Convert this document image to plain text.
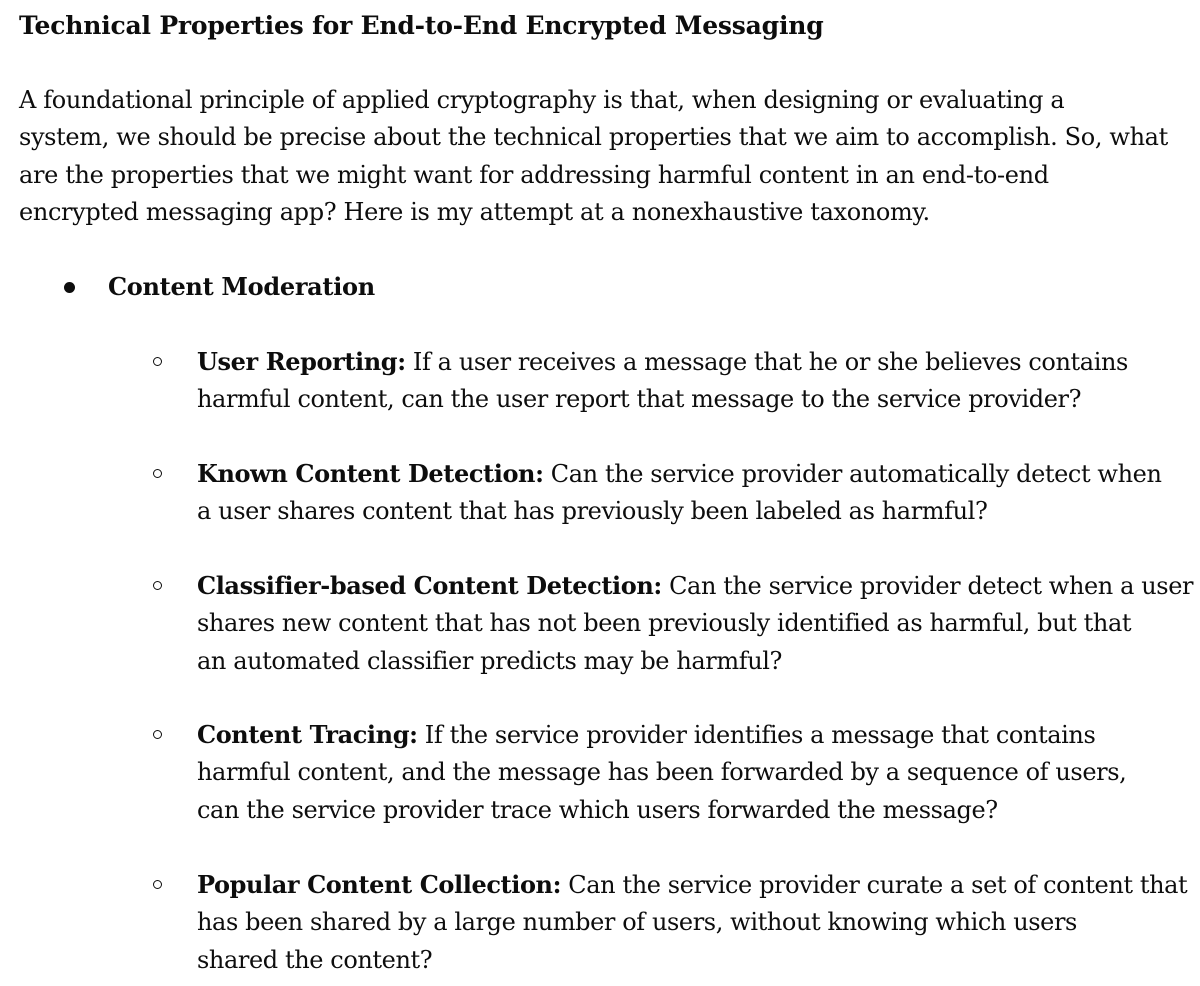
Technical Properties for End-to-End Encrypted Messaging
A foundational principle of applied cryptography is that, when designing or evaluating a
system, we should be precise about the technical properties that we aim to accomplish. So, what
are the properties that we might want for addressing harmful content in an end-to-end
encrypted messaging app? Here is my attempt at a nonexhaustive taxonomy.
Content Moderation
User Reporting: If a user receives a message that he or she believes contains
harmful content, can the user report that message to the service provider?
Known Content Detection: Can the service provider automatically detect when
a user shares content that has previously been labeled as harmful?
Classifier-based Content Detection: Can the service provider detect when a user
shares new content that has not been previously identified as harmful, but that
an automated classifier predicts may be harmful?
Content Tracing: If the service provider identifies a message that contains
harmful content, and the message has been forwarded by a sequence of users,
can the service provider trace which users forwarded the message?
Popular Content Collection: Can the service provider curate a set of content that
has been shared by a large number of users, without knowing which users
shared the content?
